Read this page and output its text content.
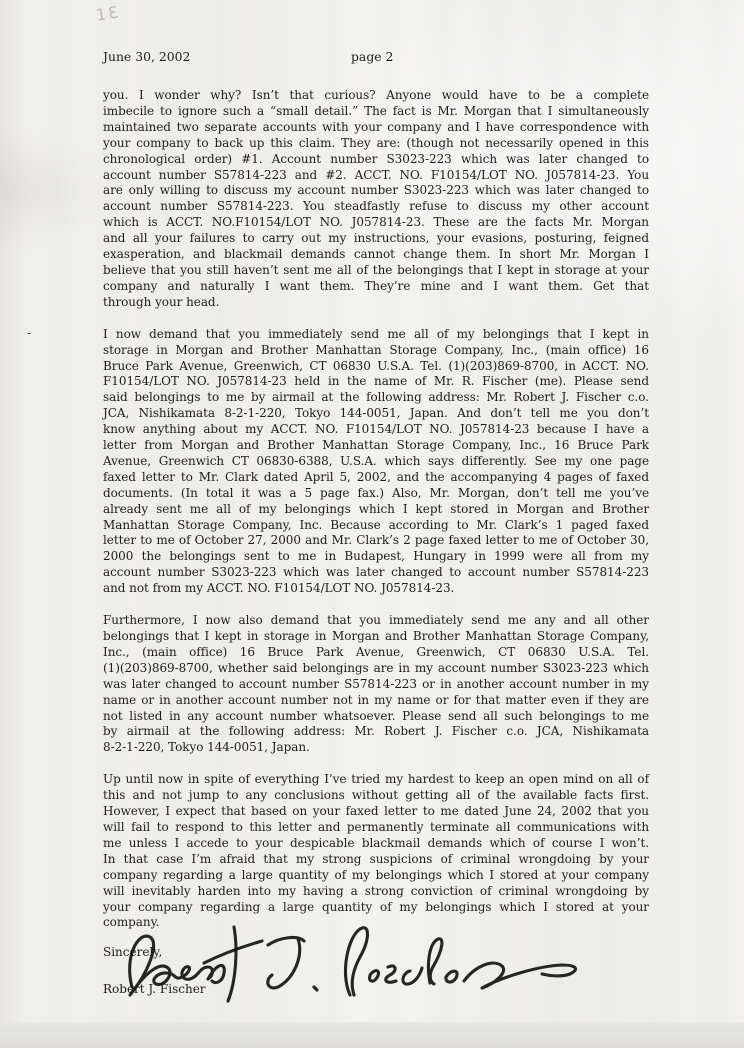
1Ɛ
-
June 30, 2002	page 2
you. I wonder why? Isn’t that curious? Anyone would have to be a complete
imbecile to ignore such a “small detail.” The fact is Mr. Morgan that I simultaneously
maintained two separate accounts with your company and I have correspondence with
your company to back up this claim. They are: (though not necessarily opened in this
chronological order) #1. Account number S3023-223 which was later changed to
account number S57814-223 and #2. ACCT. NO. F10154/LOT NO. J057814-23. You
are only willing to discuss my account number S3023-223 which was later changed to
account number S57814-223. You steadfastly refuse to discuss my other account
which is ACCT. NO.F10154/LOT NO. J057814-23. These are the facts Mr. Morgan
and all your failures to carry out my instructions, your evasions, posturing, feigned
exasperation, and blackmail demands cannot change them. In short Mr. Morgan I
believe that you still haven’t sent me all of the belongings that I kept in storage at your
company and naturally I want them. They’re mine and I want them. Get that
through your head.
I now demand that you immediately send me all of my belongings that I kept in
storage in Morgan and Brother Manhattan Storage Company, Inc., (main office) 16
Bruce Park Avenue, Greenwich, CT 06830 U.S.A. Tel. (1)(203)869-8700, in ACCT. NO.
F10154/LOT NO. J057814-23 held in the name of Mr. R. Fischer (me). Please send
said belongings to me by airmail at the following address: Mr. Robert J. Fischer c.o.
JCA, Nishikamata 8-2-1-220, Tokyo 144-0051, Japan. And don’t tell me you don’t
know anything about my ACCT. NO. F10154/LOT NO. J057814-23 because I have a
letter from Morgan and Brother Manhattan Storage Company, Inc., 16 Bruce Park
Avenue, Greenwich CT 06830-6388, U.S.A. which says differently. See my one page
faxed letter to Mr. Clark dated April 5, 2002, and the accompanying 4 pages of faxed
documents. (In total it was a 5 page fax.) Also, Mr. Morgan, don’t tell me you’ve
already sent me all of my belongings which I kept stored in Morgan and Brother
Manhattan Storage Company, Inc. Because according to Mr. Clark’s 1 paged faxed
letter to me of October 27, 2000 and Mr. Clark’s 2 page faxed letter to me of October 30,
2000 the belongings sent to me in Budapest, Hungary in 1999 were all from my
account number S3023-223 which was later changed to account number S57814-223
and not from my ACCT. NO. F10154/LOT NO. J057814-23.
Furthermore, I now also demand that you immediately send me any and all other
belongings that I kept in storage in Morgan and Brother Manhattan Storage Company,
Inc., (main office) 16 Bruce Park Avenue, Greenwich, CT 06830 U.S.A. Tel.
(1)(203)869-8700, whether said belongings are in my account number S3023-223 which
was later changed to account number S57814-223 or in another account number in my
name or in another account number not in my name or for that matter even if they are
not listed in any account number whatsoever. Please send all such belongings to me
by airmail at the following address: Mr. Robert J. Fischer c.o. JCA, Nishikamata
8-2-1-220, Tokyo 144-0051, Japan.
Up until now in spite of everything I’ve tried my hardest to keep an open mind on all of
this and not jump to any conclusions without getting all of the available facts first.
However, I expect that based on your faxed letter to me dated June 24, 2002 that you
will fail to respond to this letter and permanently terminate all communications with
me unless I accede to your despicable blackmail demands which of course I won’t.
In that case I’m afraid that my strong suspicions of criminal wrongdoing by your
company regarding a large quantity of my belongings which I stored at your company
will inevitably harden into my having a strong conviction of criminal wrongdoing by
your company regarding a large quantity of my belongings which I stored at your
company.
Sincerely,
Robert J. Fischer
